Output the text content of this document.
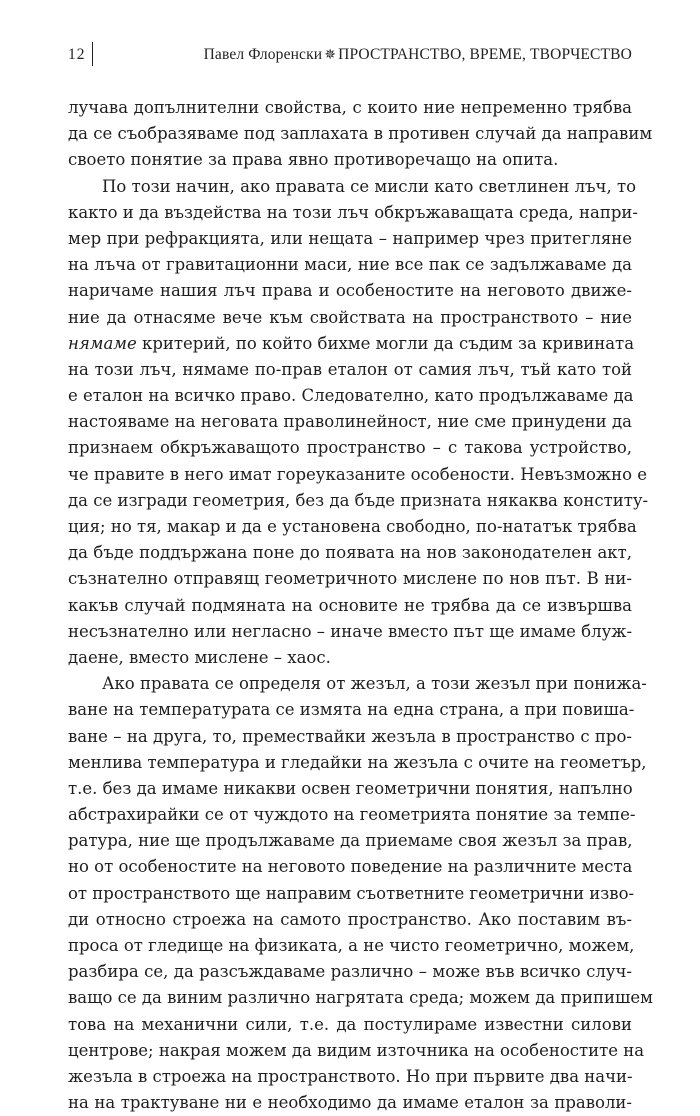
12	Павел Флоренски ✵ ПРОСТРАНСТВО, ВРЕМЕ, ТВОРЧЕСТВО
лучава допълнителни свойства, с които ние непременно трябва
да се съобразяваме под заплахата в противен случай да направим
своето понятие за права явно противоречащо на опита.
По този начин, ако правата се мисли като светлинен лъч, то
както и да въздейства на този лъч обкръжаващата среда, напри-
мер при рефракцията, или нещата – например чрез притегляне
на лъча от гравитационни маси, ние все пак се задължаваме да
наричаме нашия лъч права и особеностите на неговото движе-
ние да отнасяме вече към свойствата на пространството – ние
нямаме критерий, по който бихме могли да съдим за кривината
на този лъч, нямаме по-прав еталон от самия лъч, тъй като той
е еталон на всичко право. Следователно, като продължаваме да
настояваме на неговата праволинейност, ние сме принудени да
признаем обкръжаващото пространство – с такова устройство,
че правите в него имат гореуказаните особености. Невъзможно е
да се изгради геометрия, без да бъде призната някаква конститу-
ция; но тя, макар и да е установена свободно, по-нататък трябва
да бъде поддържана поне до появата на нов законодателен акт,
съзнателно отправящ геометричното мислене по нов път. В ни-
какъв случай подмяната на основите не трябва да се извършва
несъзнателно или негласно – иначе вместо път ще имаме блуж-
даене, вместо мислене – хаос.
Ако правата се определя от жезъл, а този жезъл при понижа-
ване на температурата се измята на една страна, а при повиша-
ване – на друга, то, премествайки жезъла в пространство с про-
менлива температура и гледайки на жезъла с очите на геометър,
т.е. без да имаме никакви освен геометрични понятия, напълно
абстрахирайки се от чуждото на геометрията понятие за темпе-
ратура, ние ще продължаваме да приемаме своя жезъл за прав,
но от особеностите на неговото поведение на различните места
от пространството ще направим съответните геометрични изво-
ди относно строежа на самото пространство. Ако поставим въ-
проса от гледище на физиката, а не чисто геометрично, можем,
разбира се, да разсъждаваме различно – може във всичко случ-
ващо се да виним различно нагрятата среда; можем да припишем
това на механични сили, т.е. да постулираме известни силови
центрове; накрая можем да видим източника на особеностите на
жезъла в строежа на пространството. Но при първите два начи-
на на трактуване ни е необходимо да имаме еталон за праволи-
